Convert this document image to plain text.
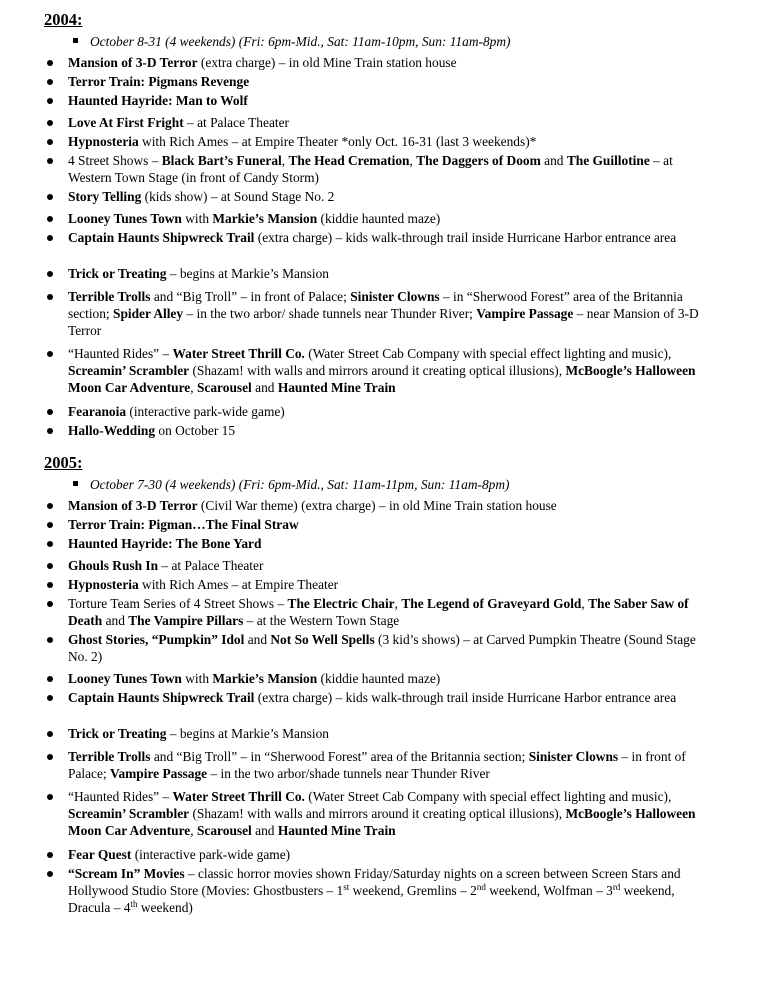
2004:
October 8-31 (4 weekends) (Fri: 6pm-Mid., Sat: 11am-10pm, Sun: 11am-8pm)
Mansion of 3-D Terror (extra charge) – in old Mine Train station house
Terror Train: Pigmans Revenge
Haunted Hayride: Man to Wolf
Love At First Fright – at Palace Theater
Hypnosteria with Rich Ames – at Empire Theater *only Oct. 16-31 (last 3 weekends)*
4 Street Shows – Black Bart’s Funeral, The Head Cremation, The Daggers of Doom and The Guillotine – at Western Town Stage (in front of Candy Storm)
Story Telling (kids show) – at Sound Stage No. 2
Looney Tunes Town with Markie’s Mansion (kiddie haunted maze)
Captain Haunts Shipwreck Trail (extra charge) – kids walk-through trail inside Hurricane Harbor entrance area
Trick or Treating – begins at Markie’s Mansion
Terrible Trolls and “Big Troll” – in front of Palace; Sinister Clowns – in “Sherwood Forest” area of the Britannia section; Spider Alley – in the two arbor/ shade tunnels near Thunder River; Vampire Passage – near Mansion of 3-D Terror
“Haunted Rides” – Water Street Thrill Co. (Water Street Cab Company with special effect lighting and music), Screamin’ Scrambler (Shazam! with walls and mirrors around it creating optical illusions), McBoogle’s Halloween Moon Car Adventure, Scarousel and Haunted Mine Train
Fearanoia (interactive park-wide game)
Hallo-Wedding on October 15
2005:
October 7-30 (4 weekends) (Fri: 6pm-Mid., Sat: 11am-11pm, Sun: 11am-8pm)
Mansion of 3-D Terror (Civil War theme) (extra charge) – in old Mine Train station house
Terror Train: Pigman…The Final Straw
Haunted Hayride: The Bone Yard
Ghouls Rush In – at Palace Theater
Hypnosteria with Rich Ames – at Empire Theater
Torture Team Series of 4 Street Shows – The Electric Chair, The Legend of Graveyard Gold, The Saber Saw of Death and The Vampire Pillars – at the Western Town Stage
Ghost Stories, “Pumpkin” Idol and Not So Well Spells (3 kid’s shows) – at Carved Pumpkin Theatre (Sound Stage No. 2)
Looney Tunes Town with Markie’s Mansion (kiddie haunted maze)
Captain Haunts Shipwreck Trail (extra charge) – kids walk-through trail inside Hurricane Harbor entrance area
Trick or Treating – begins at Markie’s Mansion
Terrible Trolls and “Big Troll” – in “Sherwood Forest” area of the Britannia section; Sinister Clowns – in front of Palace; Vampire Passage – in the two arbor/shade tunnels near Thunder River
“Haunted Rides” – Water Street Thrill Co. (Water Street Cab Company with special effect lighting and music), Screamin’ Scrambler (Shazam! with walls and mirrors around it creating optical illusions), McBoogle’s Halloween Moon Car Adventure, Scarousel and Haunted Mine Train
Fear Quest (interactive park-wide game)
“Scream In” Movies – classic horror movies shown Friday/Saturday nights on a screen between Screen Stars and Hollywood Studio Store (Movies: Ghostbusters – 1st weekend, Gremlins – 2nd weekend, Wolfman – 3rd weekend, Dracula – 4th weekend)
